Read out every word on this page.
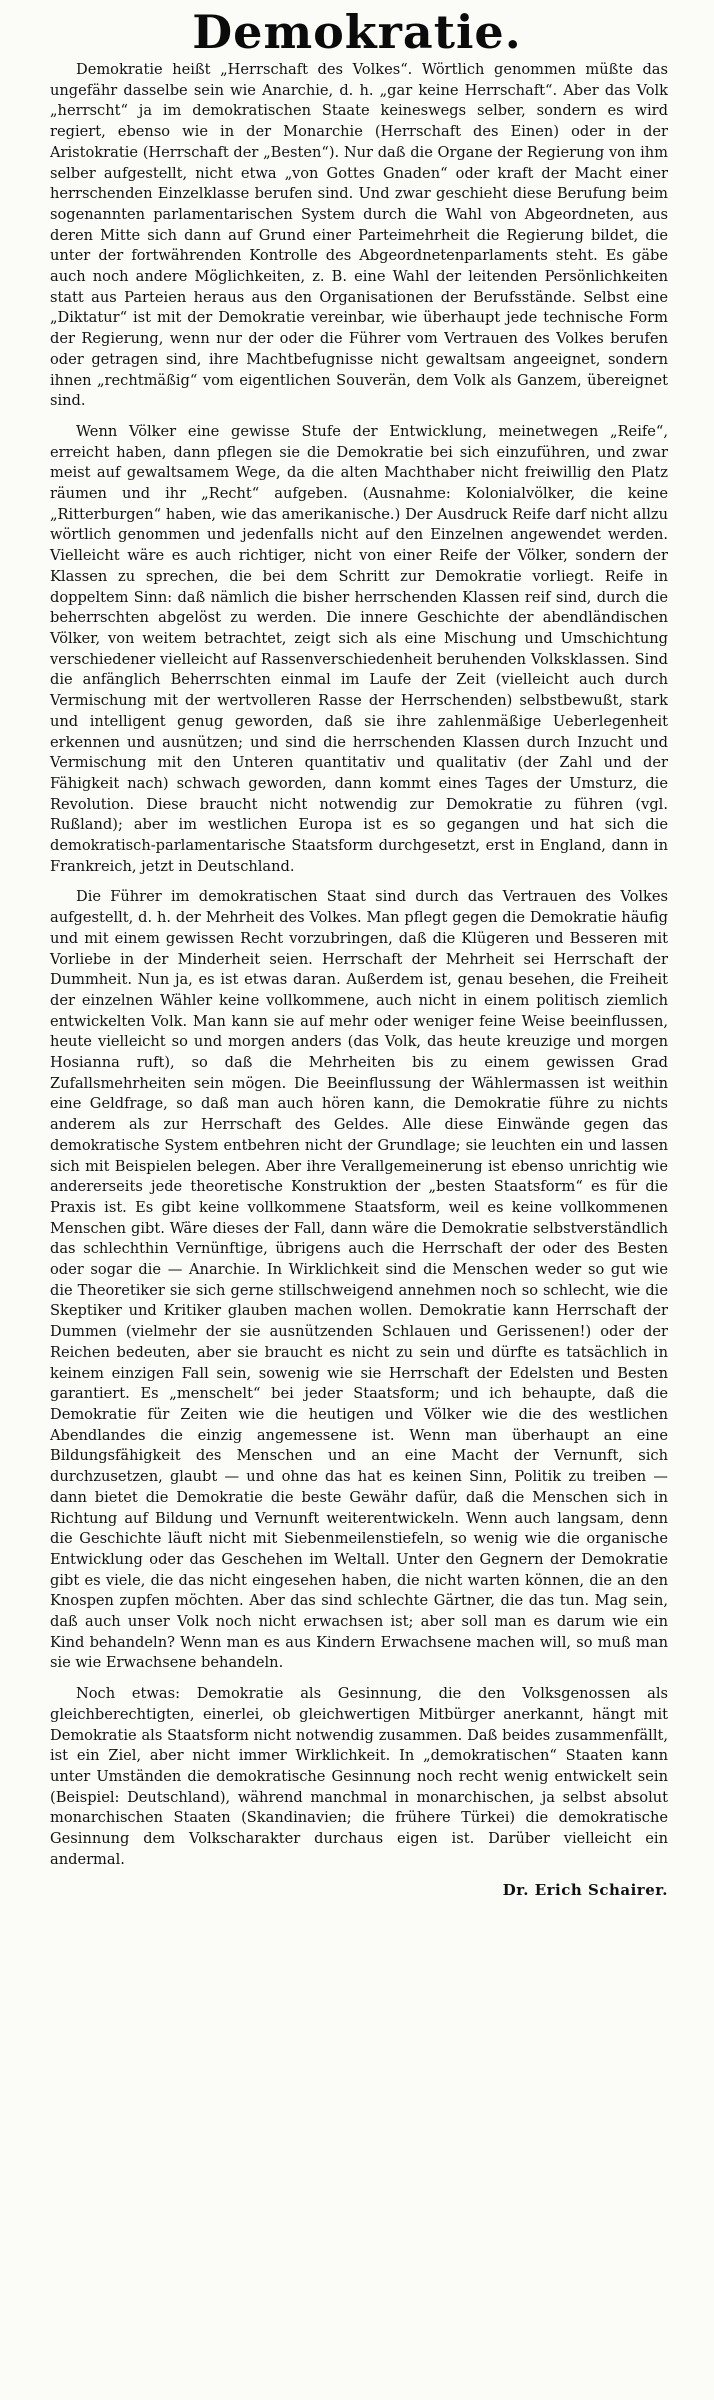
Demokratie.

Demokratie heißt „Herrschaft des Volkes“. Wörtlich genommen müßte das ungefähr dasselbe sein wie Anarchie, d. h. „gar keine Herrschaft“. Aber das Volk „herrscht“ ja im demokratischen Staate keineswegs selber, sondern es wird regiert, ebenso wie in der Monarchie (Herrschaft des Einen) oder in der Aristokratie (Herrschaft der „Besten“). Nur daß die Organe der Regierung von ihm selber aufgestellt, nicht etwa „von Gottes Gnaden“ oder kraft der Macht einer herrschenden Einzelklasse berufen sind. Und zwar geschieht diese Berufung beim sogenannten parlamentarischen System durch die Wahl von Abgeordneten, aus deren Mitte sich dann auf Grund einer Parteimehrheit die Regierung bildet, die unter der fortwährenden Kontrolle des Abgeordnetenparlaments steht. Es gäbe auch noch andere Möglichkeiten, z. B. eine Wahl der leitenden Persönlichkeiten statt aus Parteien heraus aus den Organisationen der Berufsstände. Selbst eine „Diktatur“ ist mit der Demokratie vereinbar, wie überhaupt jede technische Form der Regierung, wenn nur der oder die Führer vom Vertrauen des Volkes berufen oder getragen sind, ihre Machtbefugnisse nicht gewaltsam angeeignet, sondern ihnen „rechtmäßig“ vom eigentlichen Souverän, dem Volk als Ganzem, übereignet sind.

Wenn Völker eine gewisse Stufe der Entwicklung, meinetwegen „Reife“, erreicht haben, dann pflegen sie die Demokratie bei sich einzuführen, und zwar meist auf gewaltsamem Wege, da die alten Machthaber nicht freiwillig den Platz räumen und ihr „Recht“ aufgeben. (Ausnahme: Kolonialvölker, die keine „Ritterburgen“ haben, wie das amerikanische.) Der Ausdruck Reife darf nicht allzu wörtlich genommen und jedenfalls nicht auf den Einzelnen angewendet werden. Vielleicht wäre es auch richtiger, nicht von einer Reife der Völker, sondern der Klassen zu sprechen, die bei dem Schritt zur Demokratie vorliegt. Reife in doppeltem Sinn: daß nämlich die bisher herrschenden Klassen reif sind, durch die beherrschten abgelöst zu werden. Die innere Geschichte der abendländischen Völker, von weitem betrachtet, zeigt sich als eine Mischung und Umschichtung verschiedener vielleicht auf Rassenverschiedenheit beruhenden Volksklassen. Sind die anfänglich Beherrschten einmal im Laufe der Zeit (vielleicht auch durch Vermischung mit der wertvolleren Rasse der Herrschenden) selbstbewußt, stark und intelligent genug geworden, daß sie ihre zahlenmäßige Ueberlegenheit erkennen und ausnützen; und sind die herrschenden Klassen durch Inzucht und Vermischung mit den Unteren quantitativ und qualitativ (der Zahl und der Fähigkeit nach) schwach geworden, dann kommt eines Tages der Umsturz, die Revolution. Diese braucht nicht notwendig zur Demokratie zu führen (vgl. Rußland); aber im westlichen Europa ist es so gegangen und hat sich die demokratisch-parlamentarische Staatsform durchgesetzt, erst in England, dann in Frankreich, jetzt in Deutschland.

Die Führer im demokratischen Staat sind durch das Vertrauen des Volkes aufgestellt, d. h. der Mehrheit des Volkes. Man pflegt gegen die Demokratie häufig und mit einem gewissen Recht vorzubringen, daß die Klügeren und Besseren mit Vorliebe in der Minderheit seien. Herrschaft der Mehrheit sei Herrschaft der Dummheit. Nun ja, es ist etwas daran. Außerdem ist, genau besehen, die Freiheit der einzelnen Wähler keine vollkommene, auch nicht in einem politisch ziemlich entwickelten Volk. Man kann sie auf mehr oder weniger feine Weise beeinflussen, heute vielleicht so und morgen anders (das Volk, das heute kreuzige und morgen Hosianna ruft), so daß die Mehrheiten bis zu einem gewissen Grad Zufallsmehrheiten sein mögen. Die Beeinflussung der Wählermassen ist weithin eine Geldfrage, so daß man auch hören kann, die Demokratie führe zu nichts anderem als zur Herrschaft des Geldes. Alle diese Einwände gegen das demokratische System entbehren nicht der Grundlage; sie leuchten ein und lassen sich mit Beispielen belegen. Aber ihre Verallgemeinerung ist ebenso unrichtig wie andererseits jede theoretische Konstruktion der „besten Staatsform“ es für die Praxis ist. Es gibt keine vollkommene Staatsform, weil es keine vollkommenen Menschen gibt. Wäre dieses der Fall, dann wäre die Demokratie selbstverständlich das schlechthin Vernünftige, übrigens auch die Herrschaft der oder des Besten oder sogar die — Anarchie. In Wirklichkeit sind die Menschen weder so gut wie die Theoretiker sie sich gerne stillschweigend annehmen noch so schlecht, wie die Skeptiker und Kritiker glauben machen wollen. Demokratie kann Herrschaft der Dummen (vielmehr der sie ausnützenden Schlauen und Gerissenen!) oder der Reichen bedeuten, aber sie braucht es nicht zu sein und dürfte es tatsächlich in keinem einzigen Fall sein, sowenig wie sie Herrschaft der Edelsten und Besten garantiert. Es „menschelt“ bei jeder Staatsform; und ich behaupte, daß die Demokratie für Zeiten wie die heutigen und Völker wie die des westlichen Abendlandes die einzig angemessene ist. Wenn man überhaupt an eine Bildungsfähigkeit des Menschen und an eine Macht der Vernunft, sich durchzusetzen, glaubt — und ohne das hat es keinen Sinn, Politik zu treiben — dann bietet die Demokratie die beste Gewähr dafür, daß die Menschen sich in Richtung auf Bildung und Vernunft weiterentwickeln. Wenn auch langsam, denn die Geschichte läuft nicht mit Siebenmeilenstiefeln, so wenig wie die organische Entwicklung oder das Geschehen im Weltall. Unter den Gegnern der Demokratie gibt es viele, die das nicht eingesehen haben, die nicht warten können, die an den Knospen zupfen möchten. Aber das sind schlechte Gärtner, die das tun. Mag sein, daß auch unser Volk noch nicht erwachsen ist; aber soll man es darum wie ein Kind behandeln? Wenn man es aus Kindern Erwachsene machen will, so muß man sie wie Erwachsene behandeln.

Noch etwas: Demokratie als Gesinnung, die den Volksgenossen als gleichberechtigten, einerlei, ob gleichwertigen Mitbürger anerkannt, hängt mit Demokratie als Staatsform nicht notwendig zusammen. Daß beides zusammenfällt, ist ein Ziel, aber nicht immer Wirklichkeit. In „demokratischen“ Staaten kann unter Umständen die demokratische Gesinnung noch recht wenig entwickelt sein (Beispiel: Deutschland), während manchmal in monarchischen, ja selbst absolut monarchischen Staaten (Skandinavien; die frühere Türkei) die demokratische Gesinnung dem Volkscharakter durchaus eigen ist. Darüber vielleicht ein andermal.

Dr. Erich Schairer.
